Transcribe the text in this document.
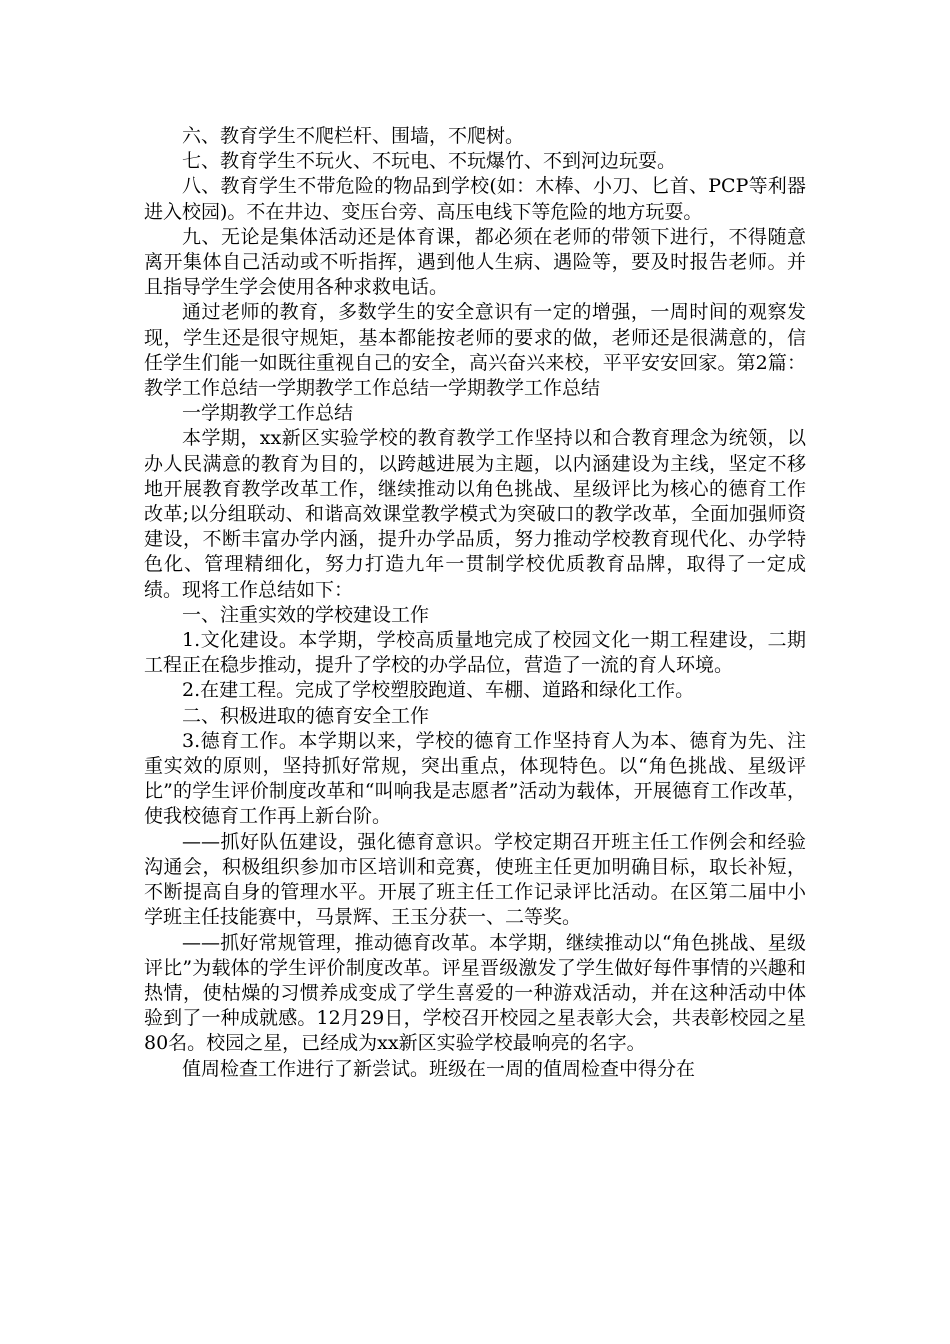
六、教育学生不爬栏杆、围墙，不爬树。

七、教育学生不玩火、不玩电、不玩爆竹、不到河边玩耍。

八、教育学生不带危险的物品到学校(如：木棒、小刀、匕首、PCP等利器进入校园)。不在井边、变压台旁、高压电线下等危险的地方玩耍。

九、无论是集体活动还是体育课，都必须在老师的带领下进行，不得随意离开集体自己活动或不听指挥，遇到他人生病、遇险等，要及时报告老师。并且指导学生学会使用各种求救电话。

通过老师的教育，多数学生的安全意识有一定的增强，一周时间的观察发现，学生还是很守规矩，基本都能按老师的要求的做，老师还是很满意的，信任学生们能一如既往重视自己的安全，高兴奋兴来校，平平安安回家。第2篇：教学工作总结一学期教学工作总结一学期教学工作总结

一学期教学工作总结

本学期，xx新区实验学校的教育教学工作坚持以和合教育理念为统领，以办人民满意的教育为目的，以跨越进展为主题，以内涵建设为主线，坚定不移地开展教育教学改革工作，继续推动以角色挑战、星级评比为核心的德育工作改革;以分组联动、和谐高效课堂教学模式为突破口的教学改革，全面加强师资建设，不断丰富办学内涵，提升办学品质，努力推动学校教育现代化、办学特色化、管理精细化，努力打造九年一贯制学校优质教育品牌，取得了一定成绩。现将工作总结如下：

一、注重实效的学校建设工作

1.文化建设。本学期，学校高质量地完成了校园文化一期工程建设，二期工程正在稳步推动，提升了学校的办学品位，营造了一流的育人环境。

2.在建工程。完成了学校塑胶跑道、车棚、道路和绿化工作。

二、积极进取的德育安全工作

3.德育工作。本学期以来，学校的德育工作坚持育人为本、德育为先、注重实效的原则，坚持抓好常规，突出重点，体现特色。以“角色挑战、星级评比”的学生评价制度改革和“叫响我是志愿者”活动为载体，开展德育工作改革，使我校德育工作再上新台阶。

——抓好队伍建设，强化德育意识。学校定期召开班主任工作例会和经验沟通会，积极组织参加市区培训和竞赛，使班主任更加明确目标，取长补短，不断提高自身的管理水平。开展了班主任工作记录评比活动。在区第二届中小学班主任技能赛中，马景辉、王玉分获一、二等奖。

——抓好常规管理，推动德育改革。本学期，继续推动以“角色挑战、星级评比”为载体的学生评价制度改革。评星晋级激发了学生做好每件事情的兴趣和热情，使枯燥的习惯养成变成了学生喜爱的一种游戏活动，并在这种活动中体验到了一种成就感。12月29日，学校召开校园之星表彰大会，共表彰校园之星80名。校园之星，已经成为xx新区实验学校最响亮的名字。

值周检查工作进行了新尝试。班级在一周的值周检查中得分在
